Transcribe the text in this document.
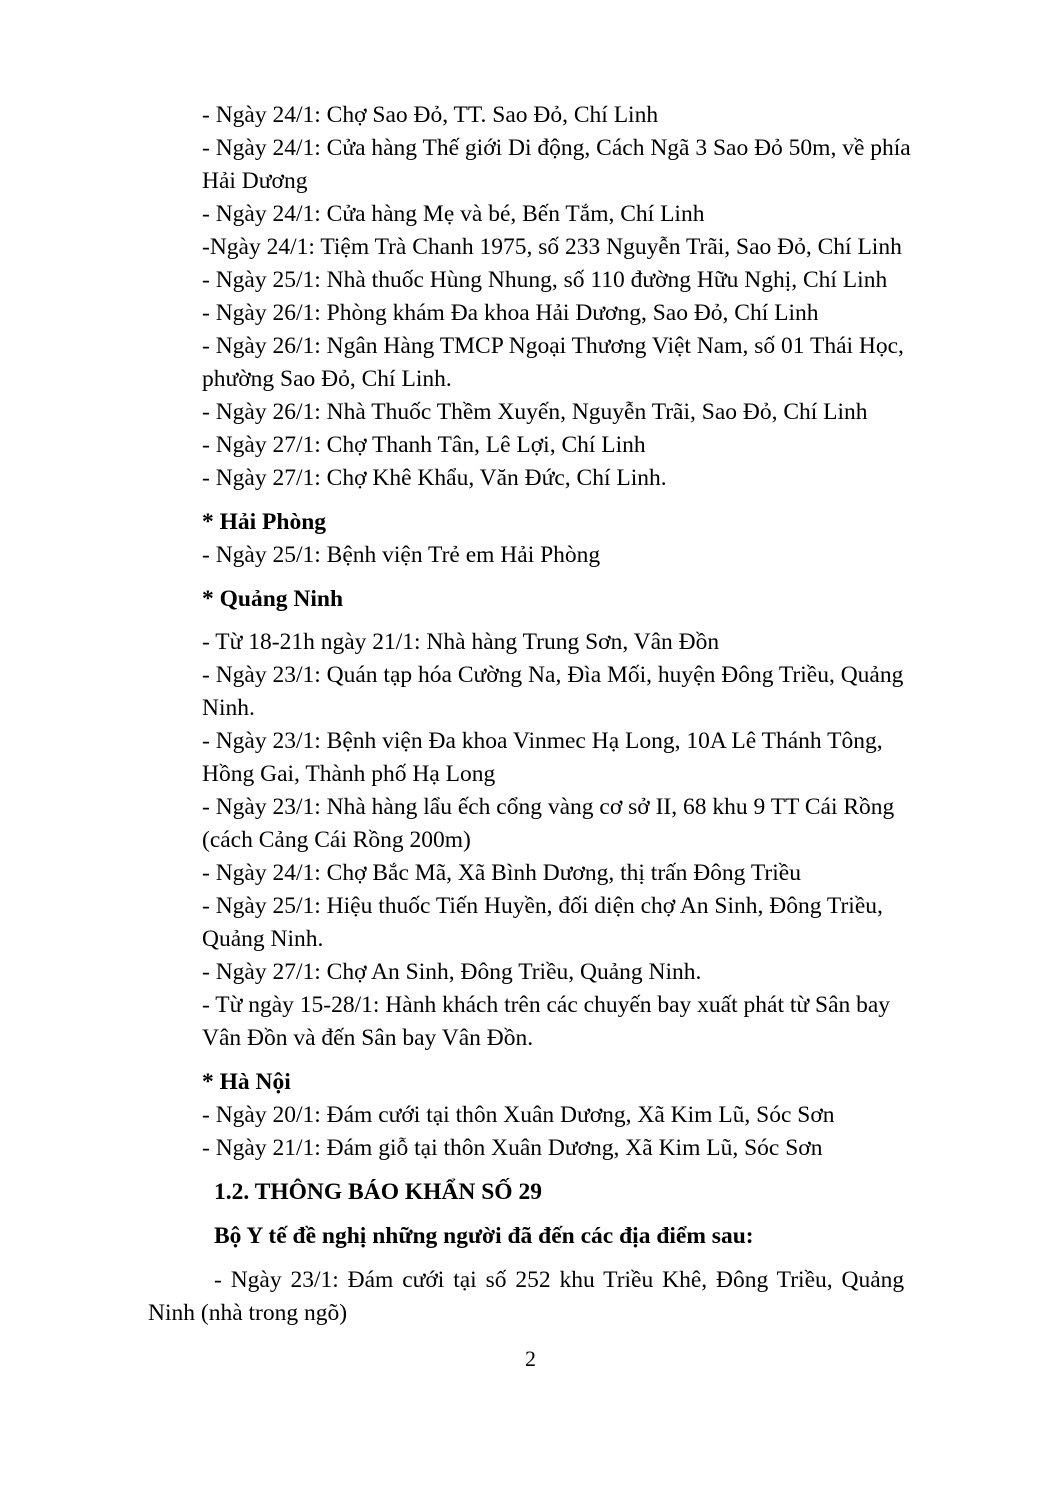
- Ngày 24/1: Chợ Sao Đỏ, TT. Sao Đỏ, Chí Linh
- Ngày 24/1: Cửa hàng Thế giới Di động, Cách Ngã 3 Sao Đỏ 50m, về phía
Hải Dương
- Ngày 24/1: Cửa hàng Mẹ và bé, Bến Tắm, Chí Linh
-Ngày 24/1: Tiệm Trà Chanh 1975, số 233 Nguyễn Trãi, Sao Đỏ, Chí Linh
- Ngày 25/1: Nhà thuốc Hùng Nhung, số 110 đường Hữu Nghị, Chí Linh
- Ngày 26/1: Phòng khám Đa khoa Hải Dương, Sao Đỏ, Chí Linh
- Ngày 26/1: Ngân Hàng TMCP Ngoại Thương Việt Nam, số 01 Thái Học,
phường Sao Đỏ, Chí Linh.
- Ngày 26/1: Nhà Thuốc Thềm Xuyến, Nguyễn Trãi, Sao Đỏ, Chí Linh
- Ngày 27/1: Chợ Thanh Tân, Lê Lợi, Chí Linh
- Ngày 27/1: Chợ Khê Khẩu, Văn Đức, Chí Linh.
* Hải Phòng
- Ngày 25/1: Bệnh viện Trẻ em Hải Phòng
* Quảng Ninh
- Từ 18-21h ngày 21/1: Nhà hàng Trung Sơn, Vân Đồn
- Ngày 23/1: Quán tạp hóa Cường Na, Đìa Mối, huyện Đông Triều, Quảng
Ninh.
- Ngày 23/1: Bệnh viện Đa khoa Vinmec Hạ Long, 10A Lê Thánh Tông,
Hồng Gai, Thành phố Hạ Long
- Ngày 23/1: Nhà hàng lẩu ếch cổng vàng cơ sở II, 68 khu 9 TT Cái Rồng
(cách Cảng Cái Rồng 200m)
- Ngày 24/1: Chợ Bắc Mã, Xã Bình Dương, thị trấn Đông Triều
- Ngày 25/1: Hiệu thuốc Tiến Huyền, đối diện chợ An Sinh, Đông Triều,
Quảng Ninh.
- Ngày 27/1: Chợ An Sinh, Đông Triều, Quảng Ninh.
- Từ ngày 15-28/1: Hành khách trên các chuyến bay xuất phát từ Sân bay
Vân Đồn và đến Sân bay Vân Đồn.
* Hà Nội
- Ngày 20/1: Đám cưới tại thôn Xuân Dương, Xã Kim Lũ, Sóc Sơn
- Ngày 21/1: Đám giỗ tại thôn Xuân Dương, Xã Kim Lũ, Sóc Sơn
1.2. THÔNG BÁO KHẨN SỐ 29
Bộ Y tế đề nghị những người đã đến các địa điểm sau:
- Ngày 23/1: Đám cưới tại số 252 khu Triều Khê, Đông Triều, Quảng
Ninh (nhà trong ngõ)
2
